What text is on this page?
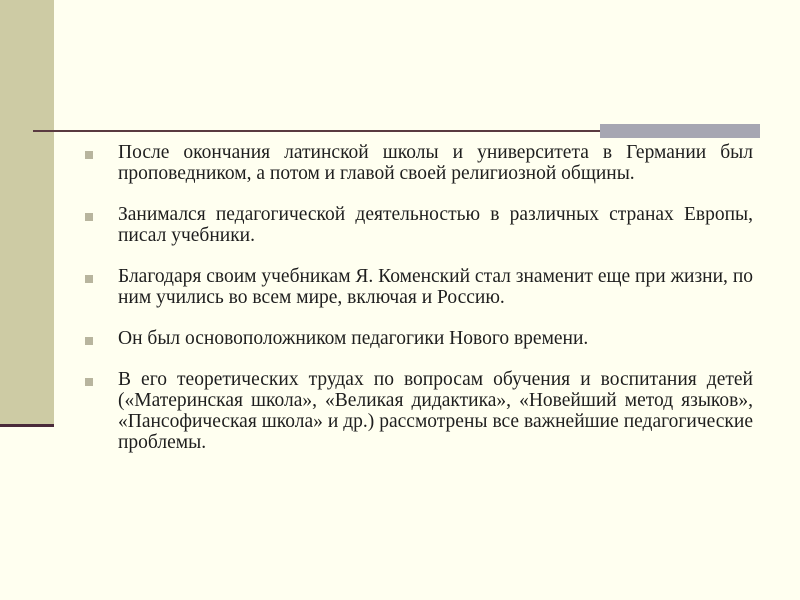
После окончания латинской школы и университета в Германии был проповедником, а потом и главой своей религиозной общины.
Занимался педагогической деятельностью в различных странах Европы, писал учебники.
Благодаря своим учебникам Я. Коменский стал знаменит еще при жизни, по ним учились во всем мире, включая и Россию.
Он был основоположником педагогики Нового времени.
В его теоретических трудах по вопросам обучения и воспитания детей («Материнская школа», «Великая дидактика», «Новейший метод языков», «Пансофическая школа» и др.) рассмотрены все важнейшие педагогические проблемы.
